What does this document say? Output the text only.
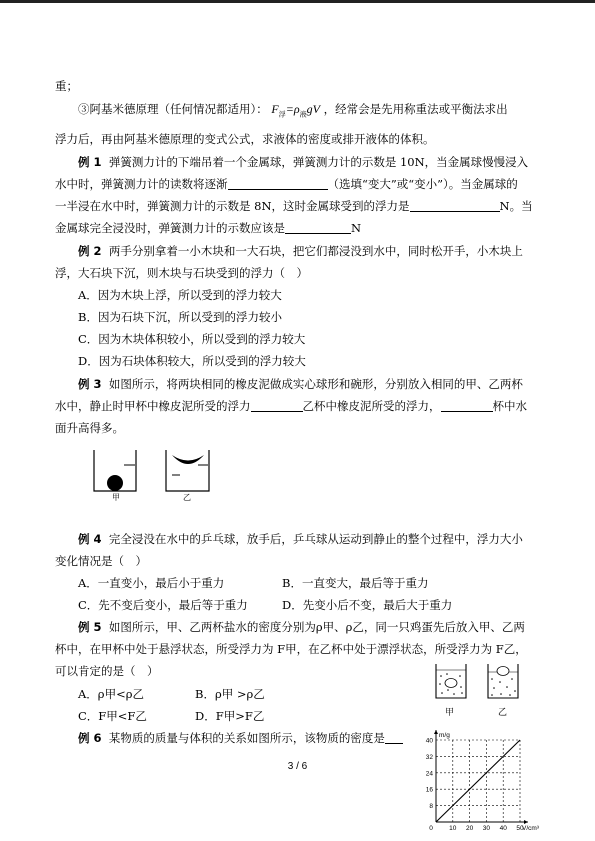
重；
③阿基米德原理（任何情况都适用）： $F_浮=\rho_液gV$ ，经常会是先用称重法或平衡法求出
浮力后，再由阿基米德原理的变式公式，求液体的密度或排开液体的体积。
例 1 弹簧测力计的下端吊着一个金属球，弹簧测力计的示数是 10N，当金属球慢慢浸入
水中时，弹簧测力计的读数将逐渐	（选填“变大”或“变小”）。当金属球的
一半浸在水中时，弹簧测力计的示数是 8N，这时金属球受到的浮力是	N。当
金属球完全浸没时，弹簧测力计的示数应该是	N
例 2 两手分别拿着一小木块和一大石块，把它们都浸没到水中，同时松开手，小木块上
浮，大石块下沉，则木块与石块受到的浮力（　）
A．因为木块上浮，所以受到的浮力较大
B．因为石块下沉，所以受到的浮力较小
C．因为木块体积较小，所以受到的浮力较大
D．因为石块体积较大，所以受到的浮力较大
例 3 如图所示，将两块相同的橡皮泥做成实心球形和碗形，分别放入相同的甲、乙两杯
水中，静止时甲杯中橡皮泥所受的浮力	乙杯中橡皮泥所受的浮力，	杯中水
面升高得多。
甲	乙
例 4 完全浸没在水中的乒乓球，放手后，乒乓球从运动到静止的整个过程中，浮力大小
变化情况是（　）
A．一直变小，最后小于重力	B．一直变大，最后等于重力
C．先不变后变小，最后等于重力	D．先变小后不变，最后大于重力
例 5 如图所示，甲、乙两杯盐水的密度分别为ρ甲、ρ乙，同一只鸡蛋先后放入甲、乙两
杯中，在甲杯中处于悬浮状态，所受浮力为 F甲，在乙杯中处于漂浮状态，所受浮力为 F乙，
可以肯定的是（　）
A．ρ甲<ρ乙	B．ρ甲 >ρ乙
C．F甲<F乙	D．F甲>F乙	甲	乙
例 6 某物质的质量与体积的关系如图所示，该物质的密度是
10 20 30 40 50
8
16
24
32
40
0
m/g
V/cm³
3 / 6
